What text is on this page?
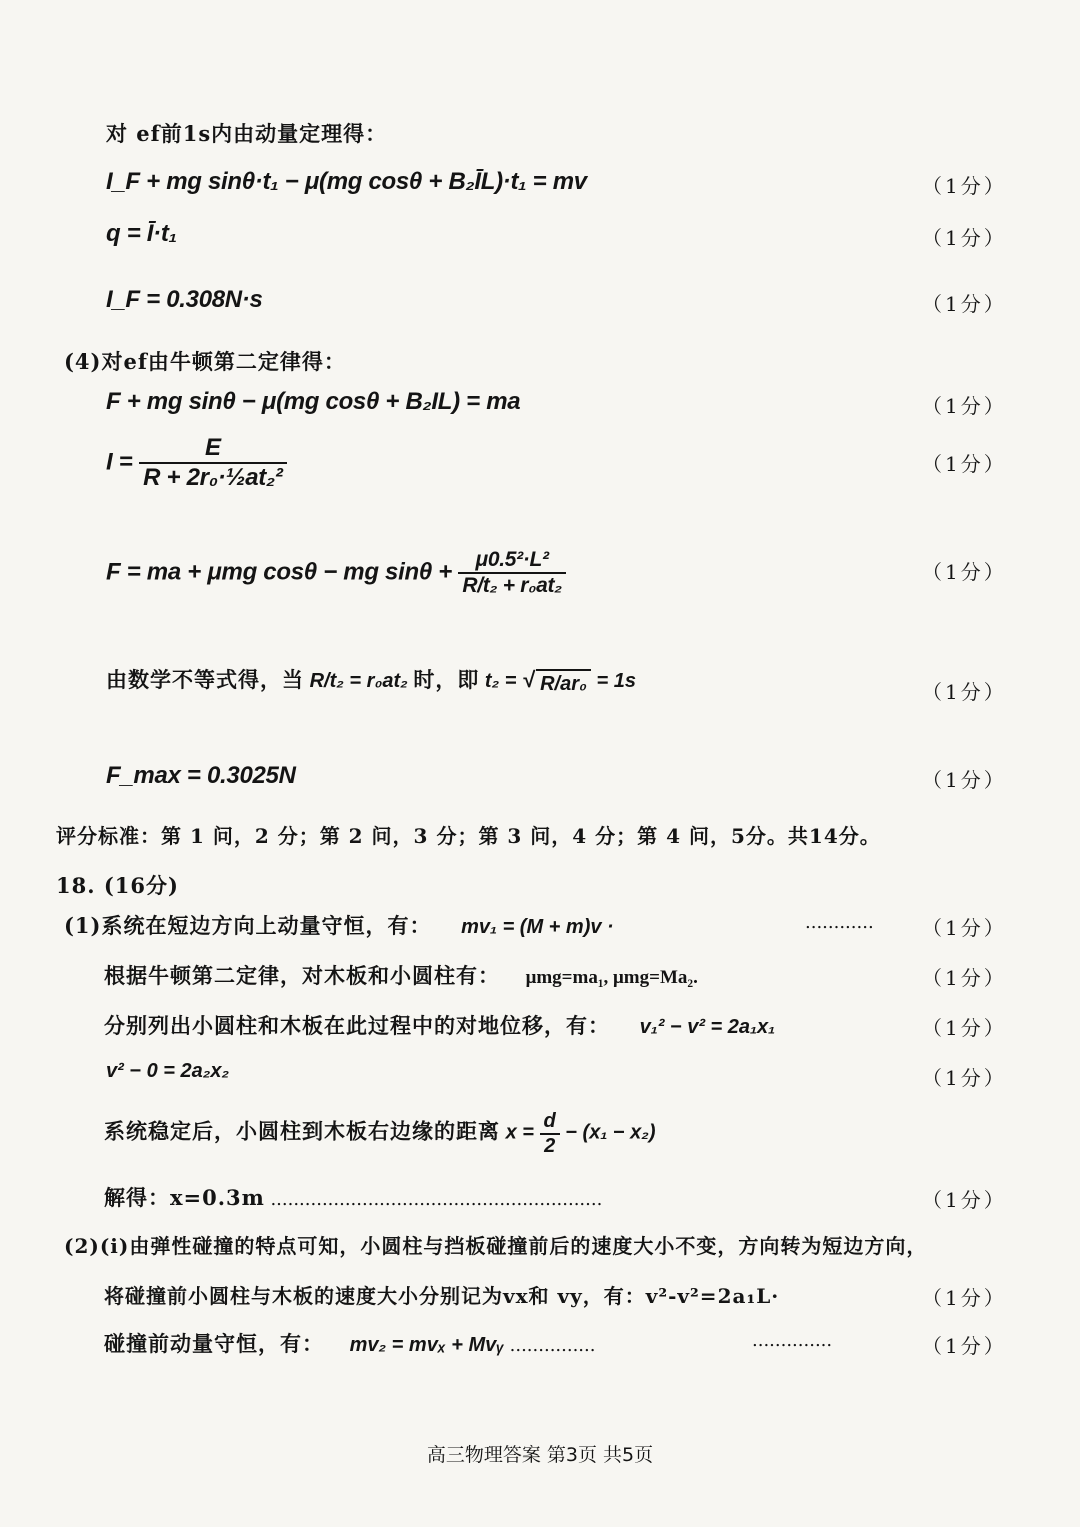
对 ef前1s内由动量定理得：
I_F + mg sinθ·t₁ − μ(mg cosθ + B₂ĪL)·t₁ = mv	（1分）
q = Ī·t₁	（1分）
I_F = 0.308N·s	（1分）
(4)对ef由牛顿第二定律得：
F + mg sinθ − μ(mg cosθ + B₂IL) = ma	（1分）
$I = \frac{E}{\text{R + 2r₀·½at₂²}}$	（1分）
F = ma + μmg cosθ − mg $\sin\theta + \frac{\text{μ0.5²·L²}}{\text{R/t₂ + r₀at₂}}$	（1分）
由数学不等式得，当 R/t₂ = r₀at₂ 时，即 t₂ = √ R/ar₀ = 1s	（1分）
F_max = 0.3025N	（1分）
评分标准：第 1 问，2 分；第 2 问，3 分；第 3 问，4 分；第 4 问，5分。共14分。
18. (16分)
(1)系统在短边方向上动量守恒，有： mv₁ = (M + m)v ·	............ （1分）
根据牛顿第二定律，对木板和小圆柱有： μmg=ma₁, μmg=Ma₂.	（1分）
分别列出小圆柱和木板在此过程中的对地位移，有： v₁² − v² = 2a₁x₁	（1分）
v² − 0 = 2a₂x₂	（1分）
系统稳定后，小圆柱到木板右边缘的距离 $x = \frac{d}{2} - (x_1 - x_2)$
解得：x=0.3m ..........................................................	（1分）
(2)(i)由弹性碰撞的特点可知，小圆柱与挡板碰撞前后的速度大小不变，方向转为短边方向，
将碰撞前小圆柱与木板的速度大小分别记为vx和 vy，有：v²-v²=2a₁L·	（1分）
碰撞前动量守恒，有： mv₂ = mvₓ + Mvᵧ ...............	..............	（1分）
高三物理答案 第3页 共5页
